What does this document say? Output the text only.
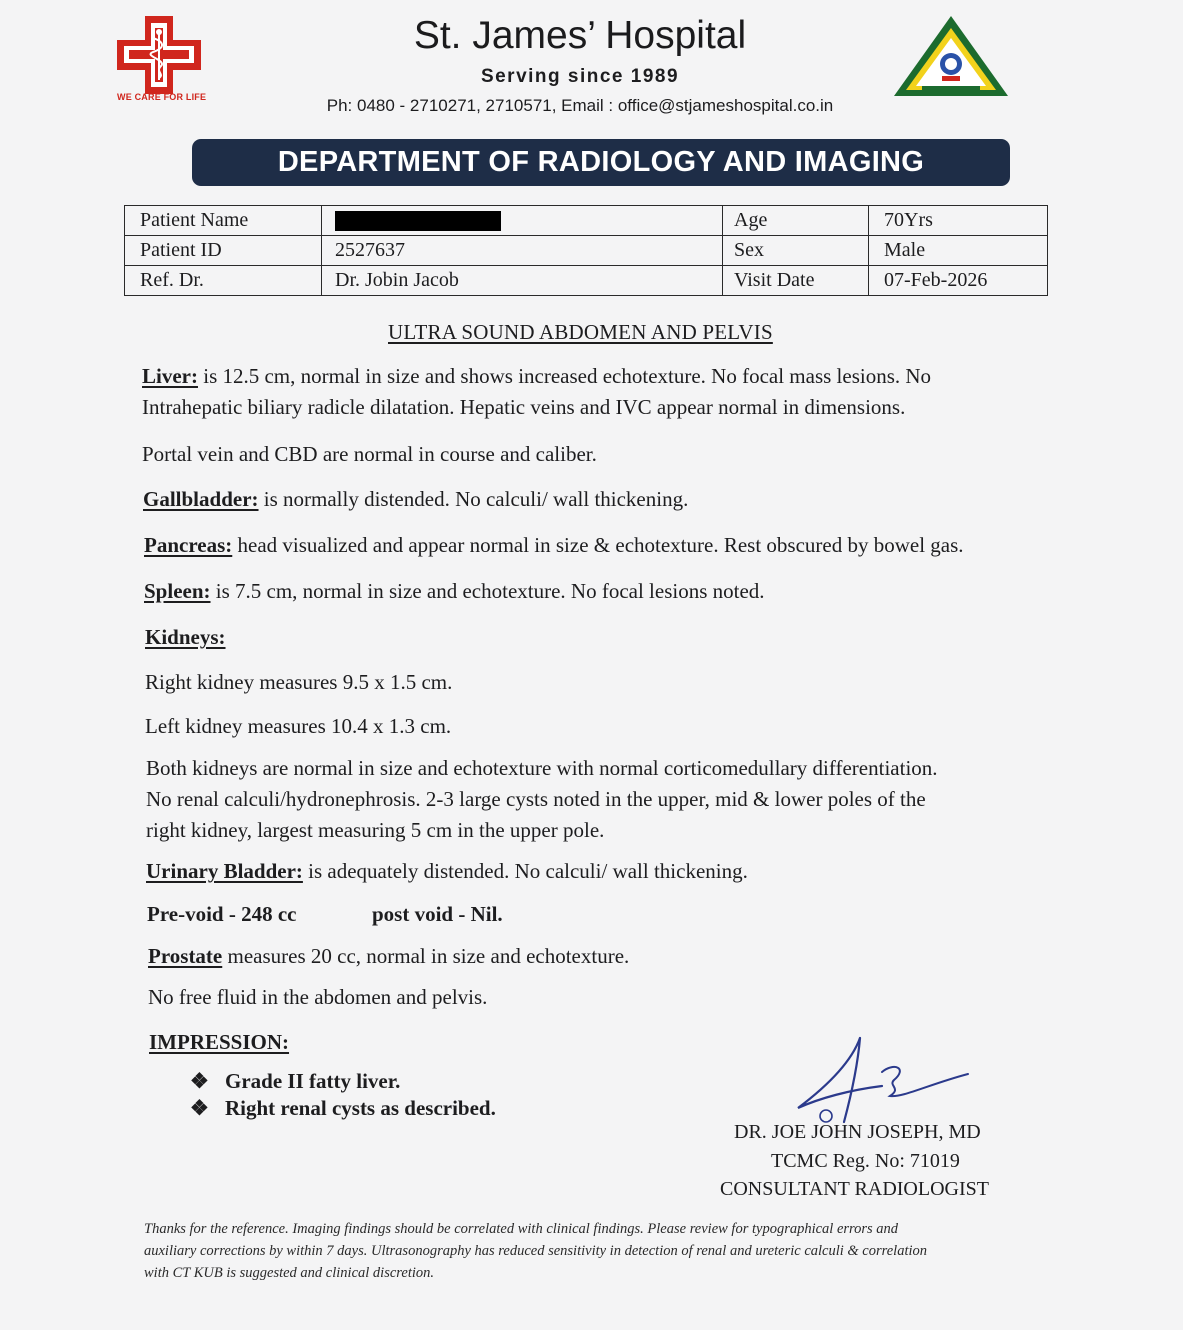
WE CARE FOR LIFE
St. James’ Hospital
Serving since 1989
Ph: 0480 - 2710271, 2710571, Email : office@stjameshospital.co.in
DEPARTMENT OF RADIOLOGY AND IMAGING
Patient Name		Age	70Yrs
Patient ID	2527637	Sex	Male
Ref. Dr.	Dr. Jobin Jacob	Visit Date	07-Feb-2026
ULTRA SOUND ABDOMEN AND PELVIS
Liver: is 12.5 cm, normal in size and shows increased echotexture. No focal mass lesions. No
Intrahepatic biliary radicle dilatation. Hepatic veins and IVC appear normal in dimensions.
Portal vein and CBD are normal in course and caliber.
Gallbladder: is normally distended. No calculi/ wall thickening.
Pancreas: head visualized and appear normal in size & echotexture. Rest obscured by bowel gas.
Spleen: is 7.5 cm, normal in size and echotexture. No focal lesions noted.
Kidneys:
Right kidney measures 9.5 x 1.5 cm.
Left kidney measures 10.4 x 1.3 cm.
Both kidneys are normal in size and echotexture with normal corticomedullary differentiation.
No renal calculi/hydronephrosis. 2-3 large cysts noted in the upper, mid & lower poles of the
right kidney, largest measuring 5 cm in the upper pole.
Urinary Bladder: is adequately distended. No calculi/ wall thickening.
Pre-void - 248 cc	post void - Nil.
Prostate measures 20 cc, normal in size and echotexture.
No free fluid in the abdomen and pelvis.
IMPRESSION:
❖ Grade II fatty liver.
❖ Right renal cysts as described.
DR. JOE JOHN JOSEPH, MD
TCMC Reg. No: 71019
CONSULTANT RADIOLOGIST
Thanks for the reference. Imaging findings should be correlated with clinical findings. Please review for typographical errors and
auxiliary corrections by within 7 days. Ultrasonography has reduced sensitivity in detection of renal and ureteric calculi & correlation
with CT KUB is suggested and clinical discretion.
